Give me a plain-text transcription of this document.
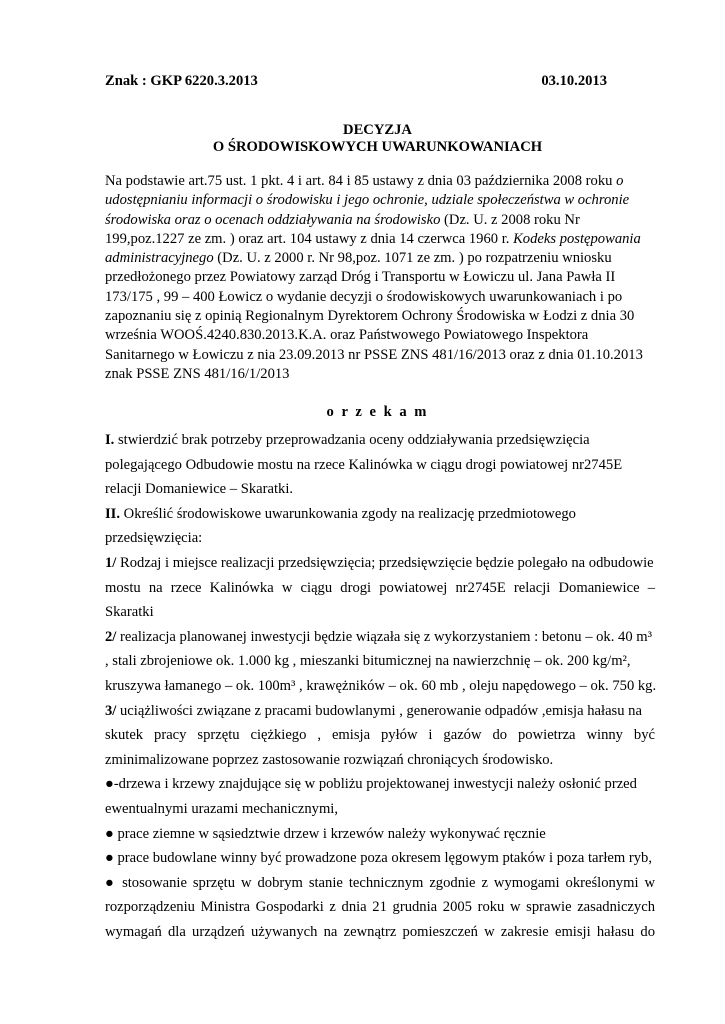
Znak : GKP 6220.3.2013	03.10.2013
DECYZJA
O ŚRODOWISKOWYCH UWARUNKOWANIACH
Na podstawie art.75 ust. 1 pkt. 4 i art. 84 i 85 ustawy z dnia 03 października 2008 roku o
udostępnianiu informacji o środowisku i jego ochronie, udziale społeczeństwa w ochronie
środowiska oraz o ocenach oddziaływania na środowisko (Dz. U. z 2008 roku Nr
199,poz.1227 ze zm. ) oraz art. 104 ustawy z dnia 14 czerwca 1960 r. Kodeks postępowania
administracyjnego (Dz. U. z 2000 r. Nr 98,poz. 1071 ze zm. ) po rozpatrzeniu wniosku
przedłożonego przez Powiatowy zarząd Dróg i Transportu w Łowiczu ul. Jana Pawła II
173/175 , 99 – 400 Łowicz o wydanie decyzji o środowiskowych uwarunkowaniach i po
zapoznaniu się z opinią Regionalnym Dyrektorem Ochrony Środowiska w Łodzi z dnia 30
września WOOŚ.4240.830.2013.K.A. oraz Państwowego Powiatowego Inspektora
Sanitarnego w Łowiczu z nia 23.09.2013 nr PSSE ZNS 481/16/2013 oraz z dnia 01.10.2013
znak PSSE ZNS 481/16/1/2013
o r z e k a m
I. stwierdzić brak potrzeby przeprowadzania oceny oddziaływania przedsięwzięcia
polegającego Odbudowie mostu na rzece Kalinówka w ciągu drogi powiatowej nr2745E
relacji Domaniewice – Skaratki.
II. Określić środowiskowe uwarunkowania zgody na realizację przedmiotowego
przedsięwzięcia:
1/ Rodzaj i miejsce realizacji przedsięwzięcia; przedsięwzięcie będzie polegało na odbudowie
mostu na rzece Kalinówka w ciągu drogi powiatowej nr2745E relacji Domaniewice –
Skaratki
2/ realizacja planowanej inwestycji będzie wiązała się z wykorzystaniem : betonu – ok. 40 m³
, stali zbrojeniowe ok. 1.000 kg , mieszanki bitumicznej na nawierzchnię – ok. 200 kg/m²,
kruszywa łamanego – ok. 100m³ , krawężników – ok. 60 mb , oleju napędowego – ok. 750 kg.
3/ uciążliwości związane z pracami budowlanymi , generowanie odpadów ,emisja hałasu na
skutek pracy sprzętu ciężkiego , emisja pyłów i gazów do powietrza winny być
zminimalizowane poprzez zastosowanie rozwiązań chroniących środowisko.
●-drzewa i krzewy znajdujące się w pobliżu projektowanej inwestycji należy osłonić przed
ewentualnymi urazami mechanicznymi,
● prace ziemne w sąsiedztwie drzew i krzewów należy wykonywać ręcznie
● prace budowlane winny być prowadzone poza okresem lęgowym ptaków i poza tarłem ryb,
● stosowanie sprzętu w dobrym stanie technicznym zgodnie z wymogami określonymi w
rozporządzeniu Ministra Gospodarki z dnia 21 grudnia 2005 roku w sprawie zasadniczych
wymagań dla urządzeń używanych na zewnątrz pomieszczeń w zakresie emisji hałasu do
